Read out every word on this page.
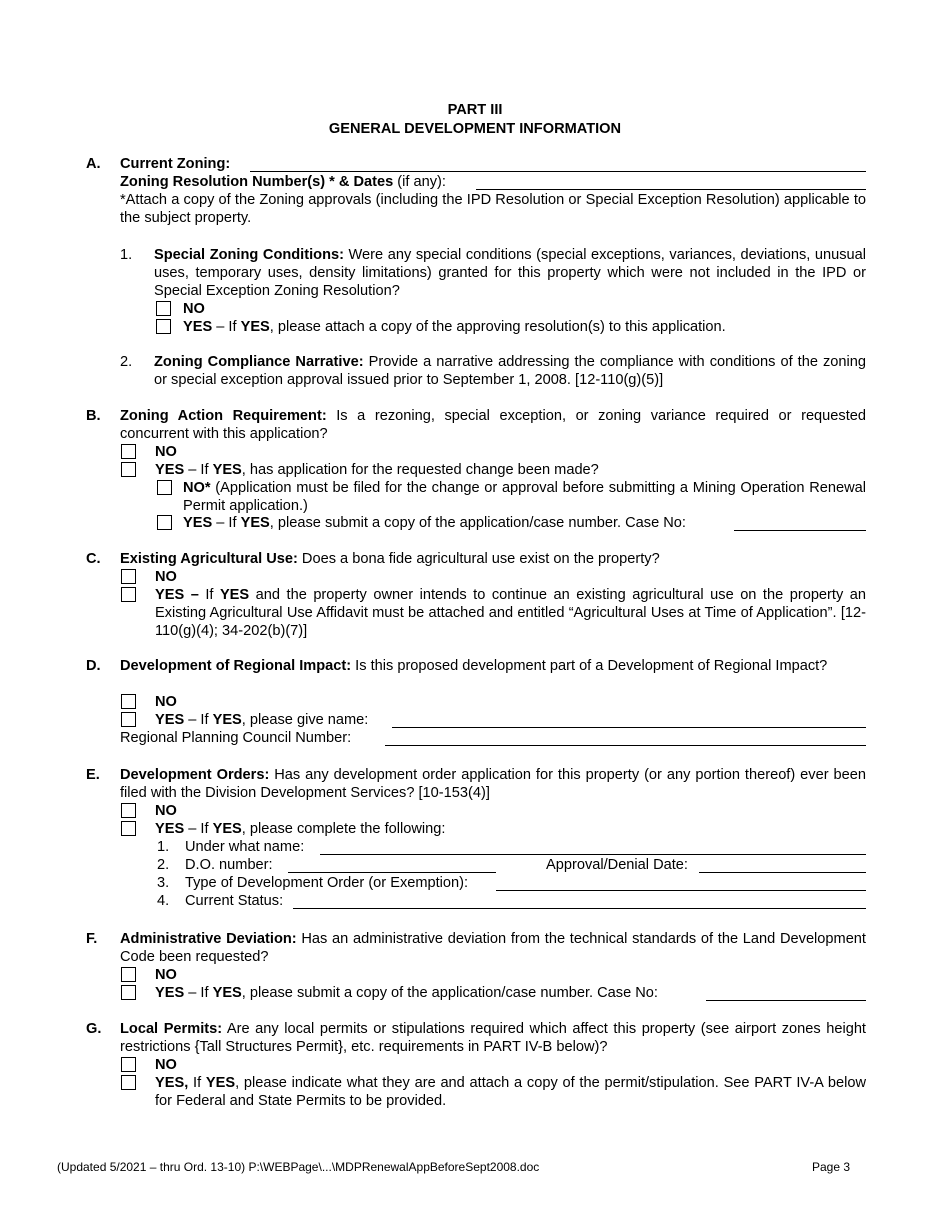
PART III
GENERAL DEVELOPMENT INFORMATION
A. Current Zoning:
Zoning Resolution Number(s) * & Dates (if any):
*Attach a copy of the Zoning approvals (including the IPD Resolution or Special Exception Resolution) applicable to the subject property.
1. Special Zoning Conditions: Were any special conditions (special exceptions, variances, deviations, unusual uses, temporary uses, density limitations) granted for this property which were not included in the IPD or Special Exception Zoning Resolution?
NO
YES – If YES, please attach a copy of the approving resolution(s) to this application.
2. Zoning Compliance Narrative: Provide a narrative addressing the compliance with conditions of the zoning or special exception approval issued prior to September 1, 2008. [12-110(g)(5)]
B. Zoning Action Requirement: Is a rezoning, special exception, or zoning variance required or requested concurrent with this application?
NO
YES – If YES, has application for the requested change been made?
NO* (Application must be filed for the change or approval before submitting a Mining Operation Renewal Permit application.)
YES – If YES, please submit a copy of the application/case number. Case No:
C. Existing Agricultural Use: Does a bona fide agricultural use exist on the property?
NO
YES – If YES and the property owner intends to continue an existing agricultural use on the property an Existing Agricultural Use Affidavit must be attached and entitled “Agricultural Uses at Time of Application”. [12-110(g)(4); 34-202(b)(7)]
D. Development of Regional Impact: Is this proposed development part of a Development of Regional Impact?
NO
YES – If YES, please give name:
Regional Planning Council Number:
E. Development Orders: Has any development order application for this property (or any portion thereof) ever been filed with the Division Development Services? [10-153(4)]
NO
YES – If YES, please complete the following:
1. Under what name:
2. D.O. number:	Approval/Denial Date:
3. Type of Development Order (or Exemption):
4. Current Status:
F. Administrative Deviation: Has an administrative deviation from the technical standards of the Land Development Code been requested?
NO
YES – If YES, please submit a copy of the application/case number. Case No:
G. Local Permits: Are any local permits or stipulations required which affect this property (see airport zones height restrictions {Tall Structures Permit}, etc. requirements in PART IV-B below)?
NO
YES, If YES, please indicate what they are and attach a copy of the permit/stipulation. See PART IV-A below for Federal and State Permits to be provided.
(Updated 5/2021 – thru Ord. 13-10) P:\WEBPage\...\MDPRenewalAppBeforeSept2008.doc	Page 3
